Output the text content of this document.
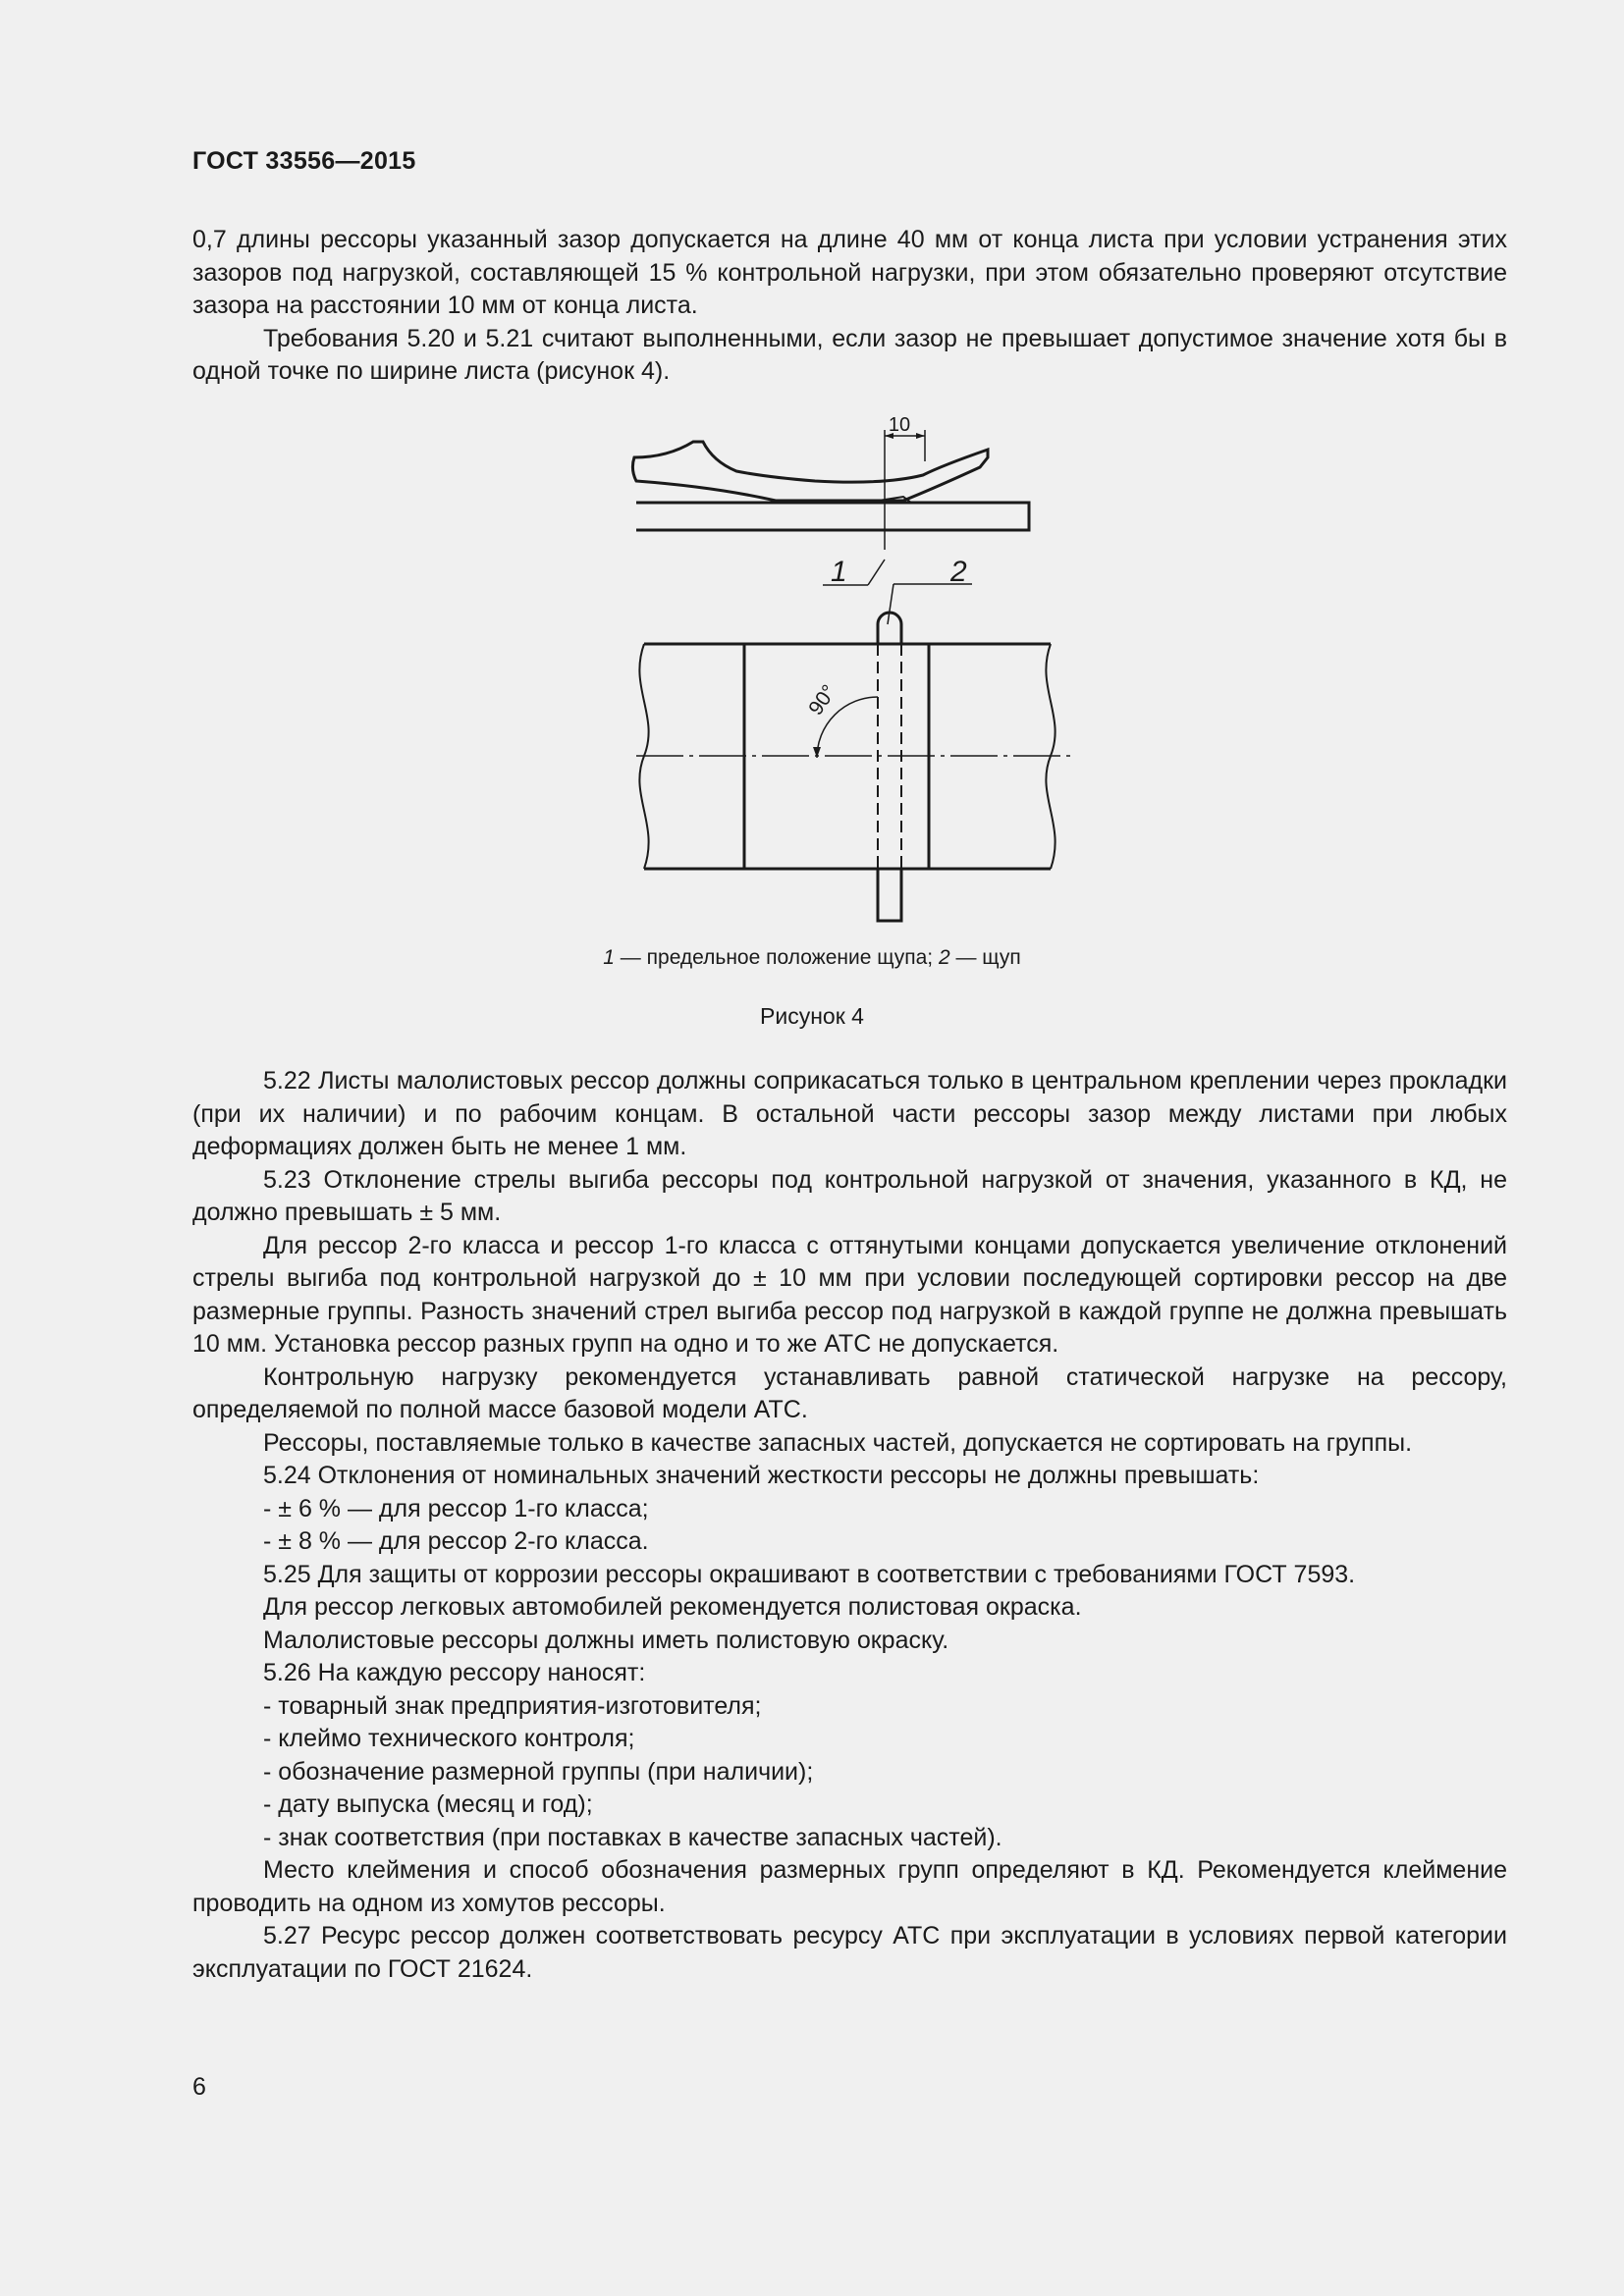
ГОСТ 33556—2015

0,7 длины рессоры указанный зазор допускается на длине 40 мм от конца листа при условии устранения этих зазоров под нагрузкой, составляющей 15 % контрольной нагрузки, при этом обязательно проверяют отсутствие зазора на расстоянии 10 мм от конца листа.

Требования 5.20 и 5.21 считают выполненными, если зазор не превышает допустимое значение хотя бы в одной точке по ширине листа (рисунок 4).

10
1	2
90°
1 — предельное положение щупа; 2 — щуп
Рисунок 4

5.22 Листы малолистовых рессор должны соприкасаться только в центральном креплении через прокладки (при их наличии) и по рабочим концам. В остальной части рессоры зазор между листами при любых деформациях должен быть не менее 1 мм.

5.23 Отклонение стрелы выгиба рессоры под контрольной нагрузкой от значения, указанного в КД, не должно превышать ± 5 мм.

Для рессор 2-го класса и рессор 1-го класса с оттянутыми концами допускается увеличение отклонений стрелы выгиба под контрольной нагрузкой до ± 10 мм при условии последующей сортировки рессор на две размерные группы. Разность значений стрел выгиба рессор под нагрузкой в каждой группе не должна превышать 10 мм. Установка рессор разных групп на одно и то же АТС не допускается.

Контрольную нагрузку рекомендуется устанавливать равной статической нагрузке на рессору, определяемой по полной массе базовой модели АТС.

Рессоры, поставляемые только в качестве запасных частей, допускается не сортировать на группы.

5.24 Отклонения от номинальных значений жесткости рессоры не должны превышать:

- ± 6 % — для рессор 1-го класса;

- ± 8 % — для рессор 2-го класса.

5.25 Для защиты от коррозии рессоры окрашивают в соответствии с требованиями ГОСТ 7593.

Для рессор легковых автомобилей рекомендуется полистовая окраска.

Малолистовые рессоры должны иметь полистовую окраску.

5.26 На каждую рессору наносят:

- товарный знак предприятия-изготовителя;

- клеймо технического контроля;

- обозначение размерной группы (при наличии);

- дату выпуска (месяц и год);

- знак соответствия (при поставках в качестве запасных частей).

Место клеймения и способ обозначения размерных групп определяют в КД. Рекомендуется клеймение проводить на одном из хомутов рессоры.

5.27 Ресурс рессор должен соответствовать ресурсу АТС при эксплуатации в условиях первой категории эксплуатации по ГОСТ 21624.

6
